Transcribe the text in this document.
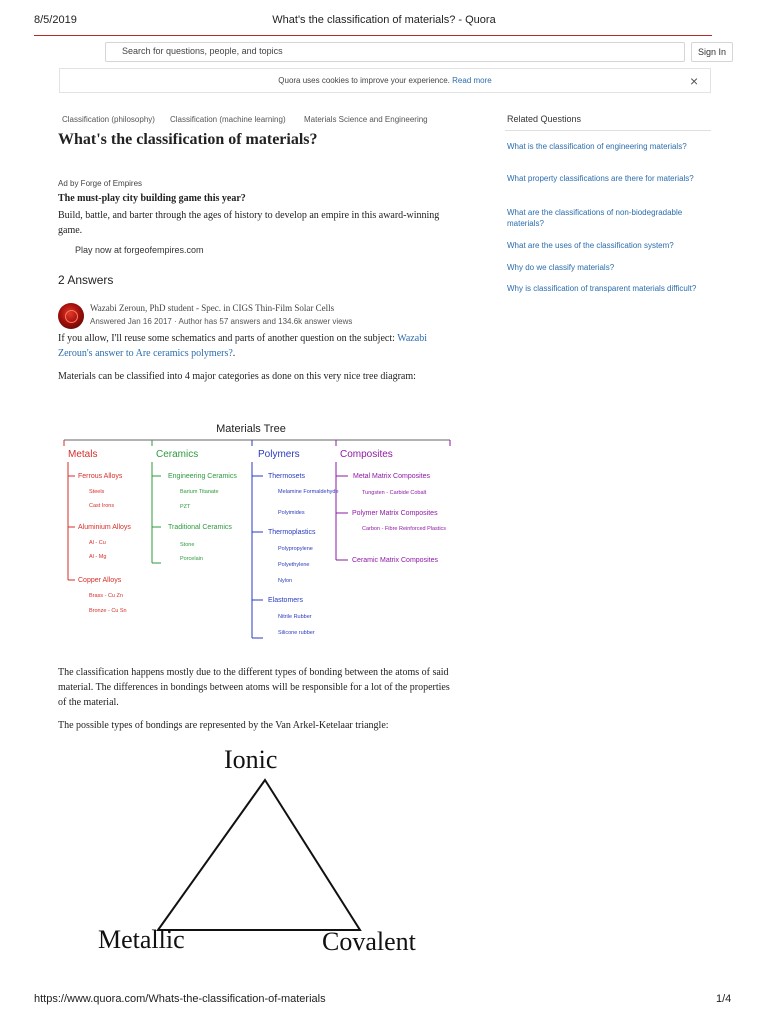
8/5/2019	What's the classification of materials? - Quora
Search for questions, people, and topics	Sign In
Quora uses cookies to improve your experience. Read more	×
Classification (philosophy) Classification (machine learning) Materials Science and Engineering
What's the classification of materials?
Ad by Forge of Empires
The must-play city building game this year?
Build, battle, and barter through the ages of history to develop an empire in this award-winning game.
Play now at forgeofempires.com
2 Answers
Wazabi Zeroun, PhD student - Spec. in CIGS Thin-Film Solar Cells
Answered Jan 16 2017 · Author has 57 answers and 134.6k answer views
If you allow, I'll reuse some schematics and parts of another question on the subject: Wazabi Zeroun's answer to Are ceramics polymers?.
Materials can be classified into 4 major categories as done on this very nice tree diagram:
Materials Tree
Metals
Ferrous Alloys
Steels
Cast Irons
Aluminium Alloys
Al - Cu
Al - Mg
Copper Alloys
Brass - Cu Zn
Bronze - Cu Sn
Ceramics
Engineering Ceramics
Barium Titanate
PZT
Traditional Ceramics
Stone
Porcelain
Polymers
Thermosets
Melamine Formaldehyde
Polyimides
Thermoplastics
Polypropylene
Polyethylene
Nylon
Elastomers
Nitrile Rubber
Silicone rubber
Composites
Metal Matrix Composites
Tungsten - Carbide Cobalt
Polymer Matrix Composites
Carbon - Fibre Reinforced Plastics
Ceramic Matrix Composites
The classification happens mostly due to the different types of bonding between the atoms of said material. The differences in bondings between atoms will be responsible for a lot of the properties of the material.
The possible types of bondings are represented by the Van Arkel-Ketelaar triangle:
Ionic
Metallic	Covalent
Related Questions
What is the classification of engineering materials?
What property classifications are there for materials?
What are the classifications of non-biodegradable materials?
What are the uses of the classification system?
Why do we classify materials?
Why is classification of transparent materials difficult?
https://www.quora.com/Whats-the-classification-of-materials	1/4
